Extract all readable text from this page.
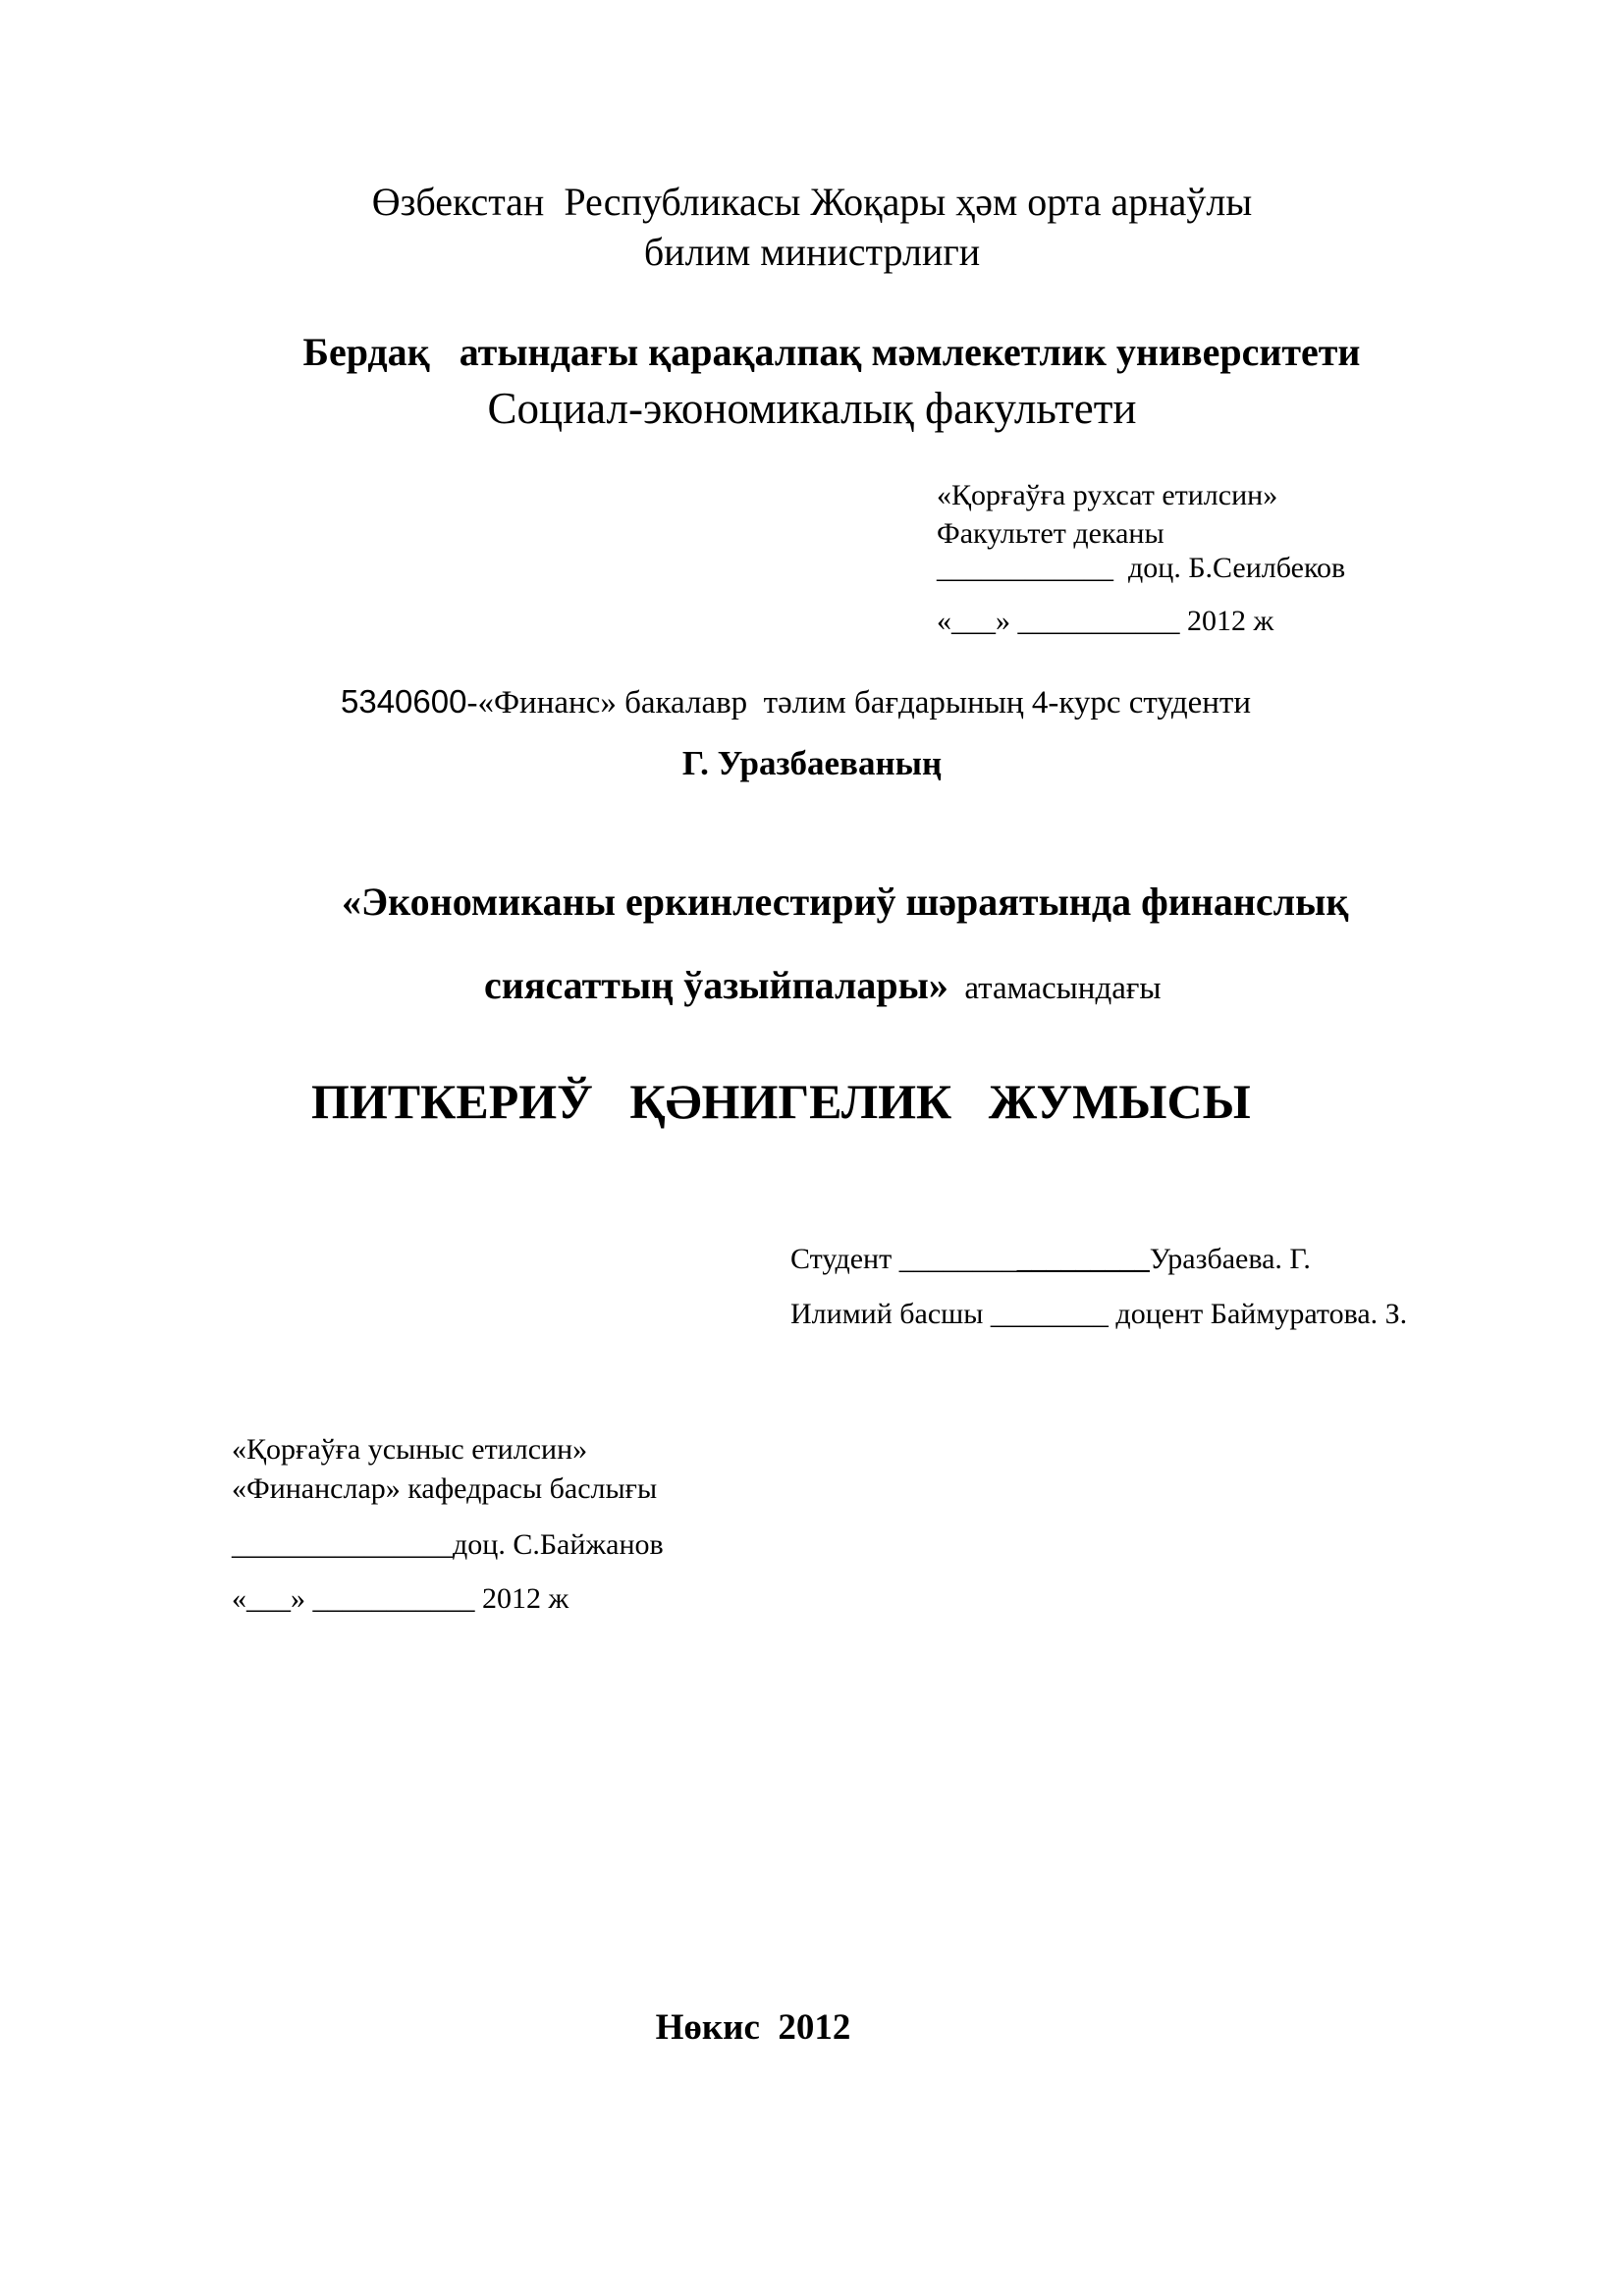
Өзбекстан  Республикасы Жоқары ҳәм орта арнаўлы
билим министрлиги
Бердақ   атындағы қарақалпақ мәмлекетлик университети
Социал-экономикалық факультети
«Қорғаўға рухсат етилсин»
Факультет деканы
____________  доц. Б.Сеилбеков
«___» ___________ 2012 ж
5340600-«Финанс» бакалавр  тәлим бағдарының 4-курс студенти
Г. Уразбаеваның
«Экономиканы еркинлестириў шәраятында финанслық
сиясаттың ўазыйпалары» атамасындағы
ПИТКЕРИЎ   ҚӘНИГЕЛИК   ЖУМЫСЫ
Студент _________________Уразбаева. Г.
Илимий басшы ________ доцент Баймуратова. З.
«Қорғаўға усыныс етилсин»
«Финанслар» кафедрасы баслығы
_______________доц. С.Байжанов
«___» ___________ 2012 ж
Нөкис  2012
